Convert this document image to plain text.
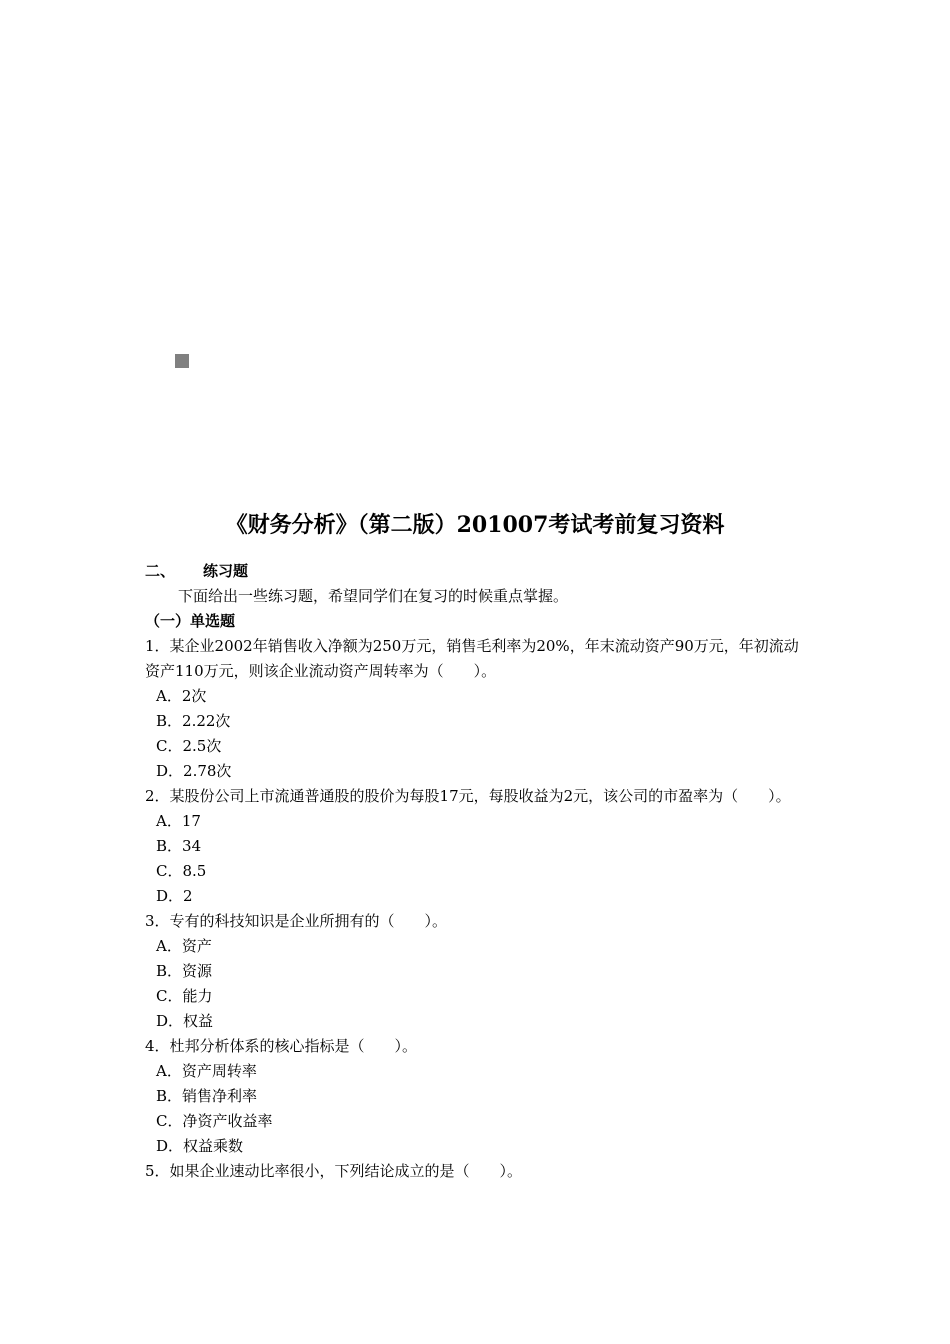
《财务分析》（第二版）201007考试考前复习资料
二、 练习题
下面给出一些练习题，希望同学们在复习的时候重点掌握。
（一）单选题
1．某企业2002年销售收入净额为250万元，销售毛利率为20%，年末流动资产90万元，年初流动资产110万元，则该企业流动资产周转率为（　　）。
A．2次
B．2.22次
C．2.5次
D．2.78次
2．某股份公司上市流通普通股的股价为每股17元，每股收益为2元，该公司的市盈率为（　　）。
A．17
B．34
C．8.5
D．2
3．专有的科技知识是企业所拥有的（　　）。
A．资产
B．资源
C．能力
D．权益
4．杜邦分析体系的核心指标是（　　）。
A．资产周转率
B．销售净利率
C．净资产收益率
D．权益乘数
5．如果企业速动比率很小，下列结论成立的是（　　）。
